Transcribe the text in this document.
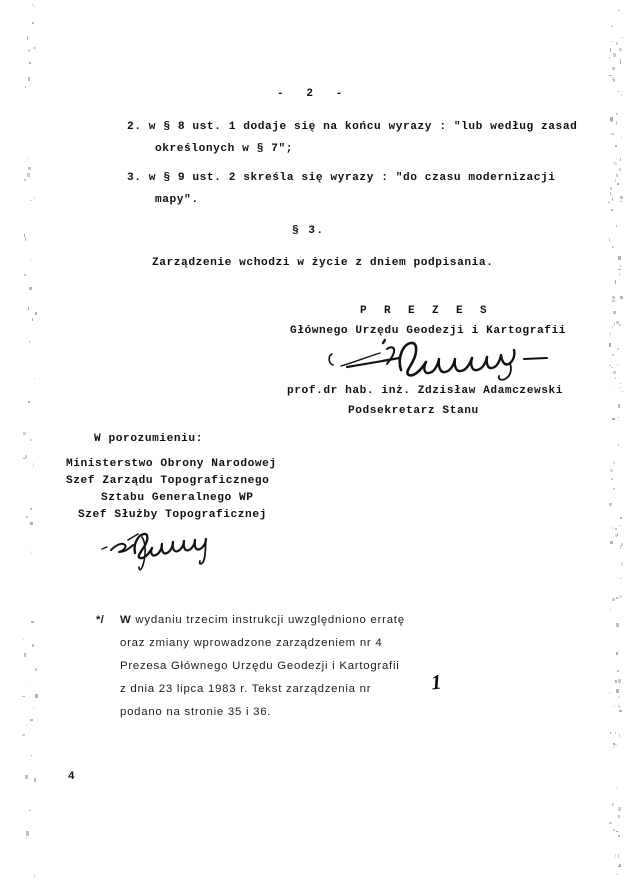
-  2  -
2. w § 8 ust. 1 dodaje się na końcu wyrazy : "lub według zasad
określonych w § 7";
3. w § 9 ust. 2 skreśla się wyrazy : "do czasu modernizacji
mapy".
§ 3.
Zarządzenie wchodzi w życie z dniem podpisania.
P R E Z E S
Głównego Urzędu Geodezji i Kartografii
prof.dr hab. inż. Zdzisław Adamczewski
Podsekretarz Stanu
W porozumieniu:
Ministerstwo Obrony Narodowej
Szef Zarządu Topograficznego
Sztabu Generalnego WP
Szef Służby Topograficznej
*/ W wydaniu trzecim instrukcji uwzględniono erratę
oraz zmiany wprowadzone zarządzeniem nr 4
Prezesa Głównego Urzędu Geodezji i Kartografii
z dnia 23 lipca 1983 r. Tekst zarządzenia nr
podano na stronie 35 i 36.
1
4
